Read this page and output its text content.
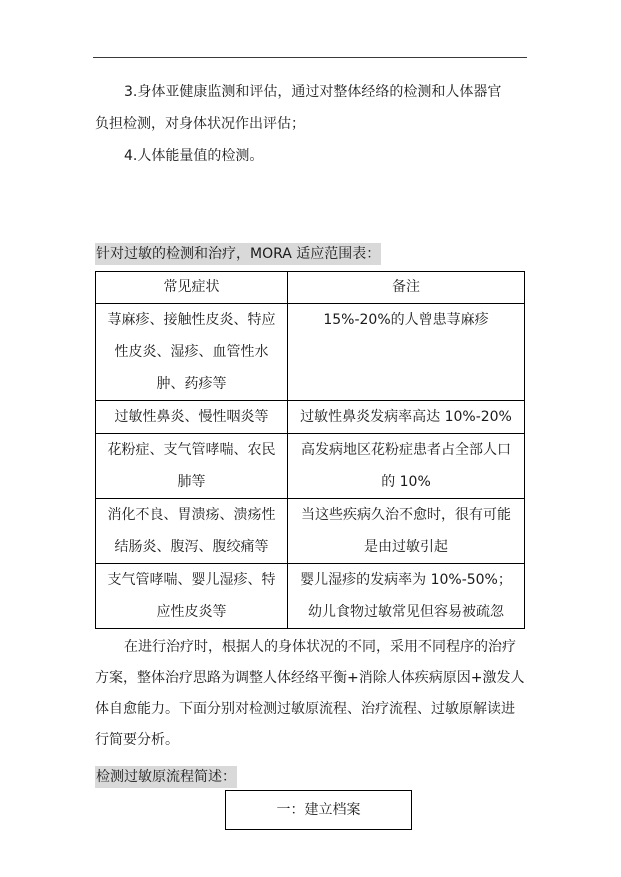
3.身体亚健康监测和评估，通过对整体经络的检测和人体器官
负担检测，对身体状况作出评估；
4.人体能量值的检测。
针对过敏的检测和治疗，MORA 适应范围表：
常见症状	备注
荨麻疹、接触性皮炎、特应性皮炎、湿疹、血管性水肿、药疹等	15%-20%的人曾患荨麻疹
过敏性鼻炎、慢性咽炎等	过敏性鼻炎发病率高达 10%-20%
花粉症、支气管哮喘、农民肺等	高发病地区花粉症患者占全部人口的 10%
消化不良、胃溃疡、溃疡性结肠炎、腹泻、腹绞痛等	当这些疾病久治不愈时，很有可能是由过敏引起
支气管哮喘、婴儿湿疹、特应性皮炎等	婴儿湿疹的发病率为 10%-50%；幼儿食物过敏常见但容易被疏忽
在进行治疗时，根据人的身体状况的不同，采用不同程序的治疗方案，整体治疗思路为调整人体经络平衡+消除人体疾病原因+激发人体自愈能力。下面分别对检测过敏原流程、治疗流程、过敏原解读进行简要分析。
检测过敏原流程简述：
一：建立档案
